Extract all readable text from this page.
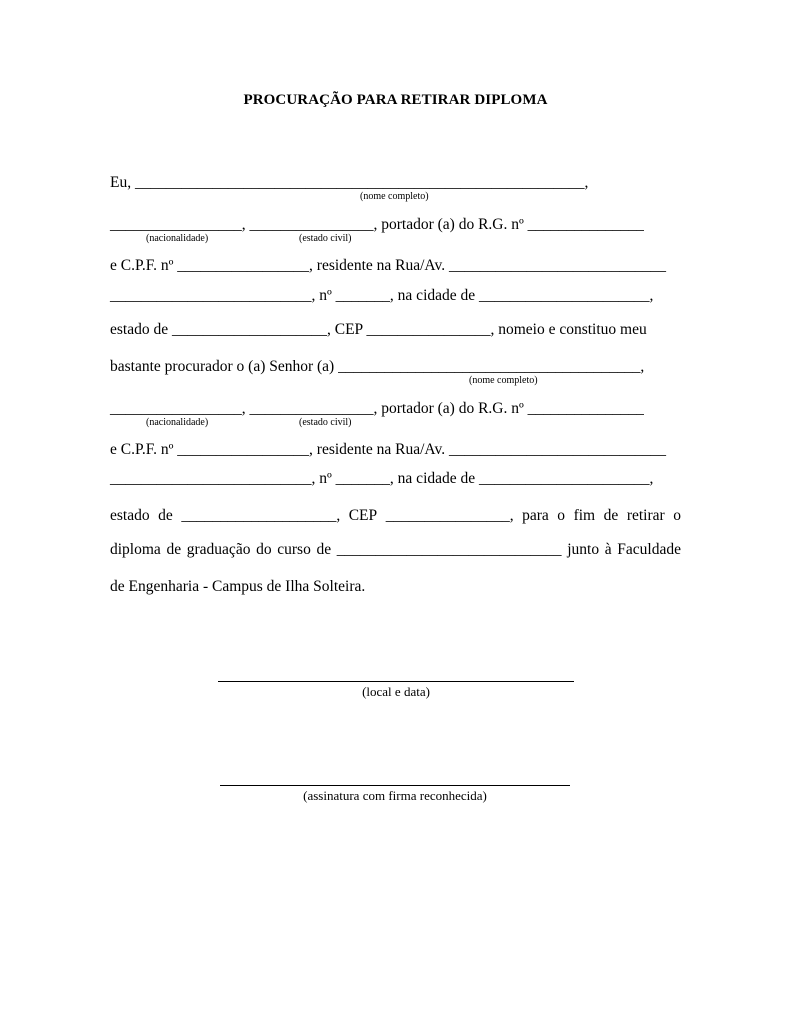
PROCURAÇÃO PARA RETIRAR DIPLOMA
Eu, __________________________________________________________,
(nome completo)
_________________, ________________, portador (a) do R.G. nº _______________
(nacionalidade)	(estado civil)
e C.P.F. nº _________________, residente na Rua/Av. ____________________________
__________________________, nº _______, na cidade de ______________________,
estado de ____________________, CEP ________________, nomeio e constituo meu
bastante procurador o (a) Senhor (a) _______________________________________,
(nome completo)
_________________, ________________, portador (a) do R.G. nº _______________
(nacionalidade)	(estado civil)
e C.P.F. nº _________________, residente na Rua/Av. ____________________________
__________________________, nº _______, na cidade de ______________________,
estado de ____________________, CEP ________________, para o fim de retirar o
diploma de graduação do curso de _____________________________ junto à Faculdade
de Engenharia - Campus de Ilha Solteira.
(local e data)
(assinatura com firma reconhecida)
